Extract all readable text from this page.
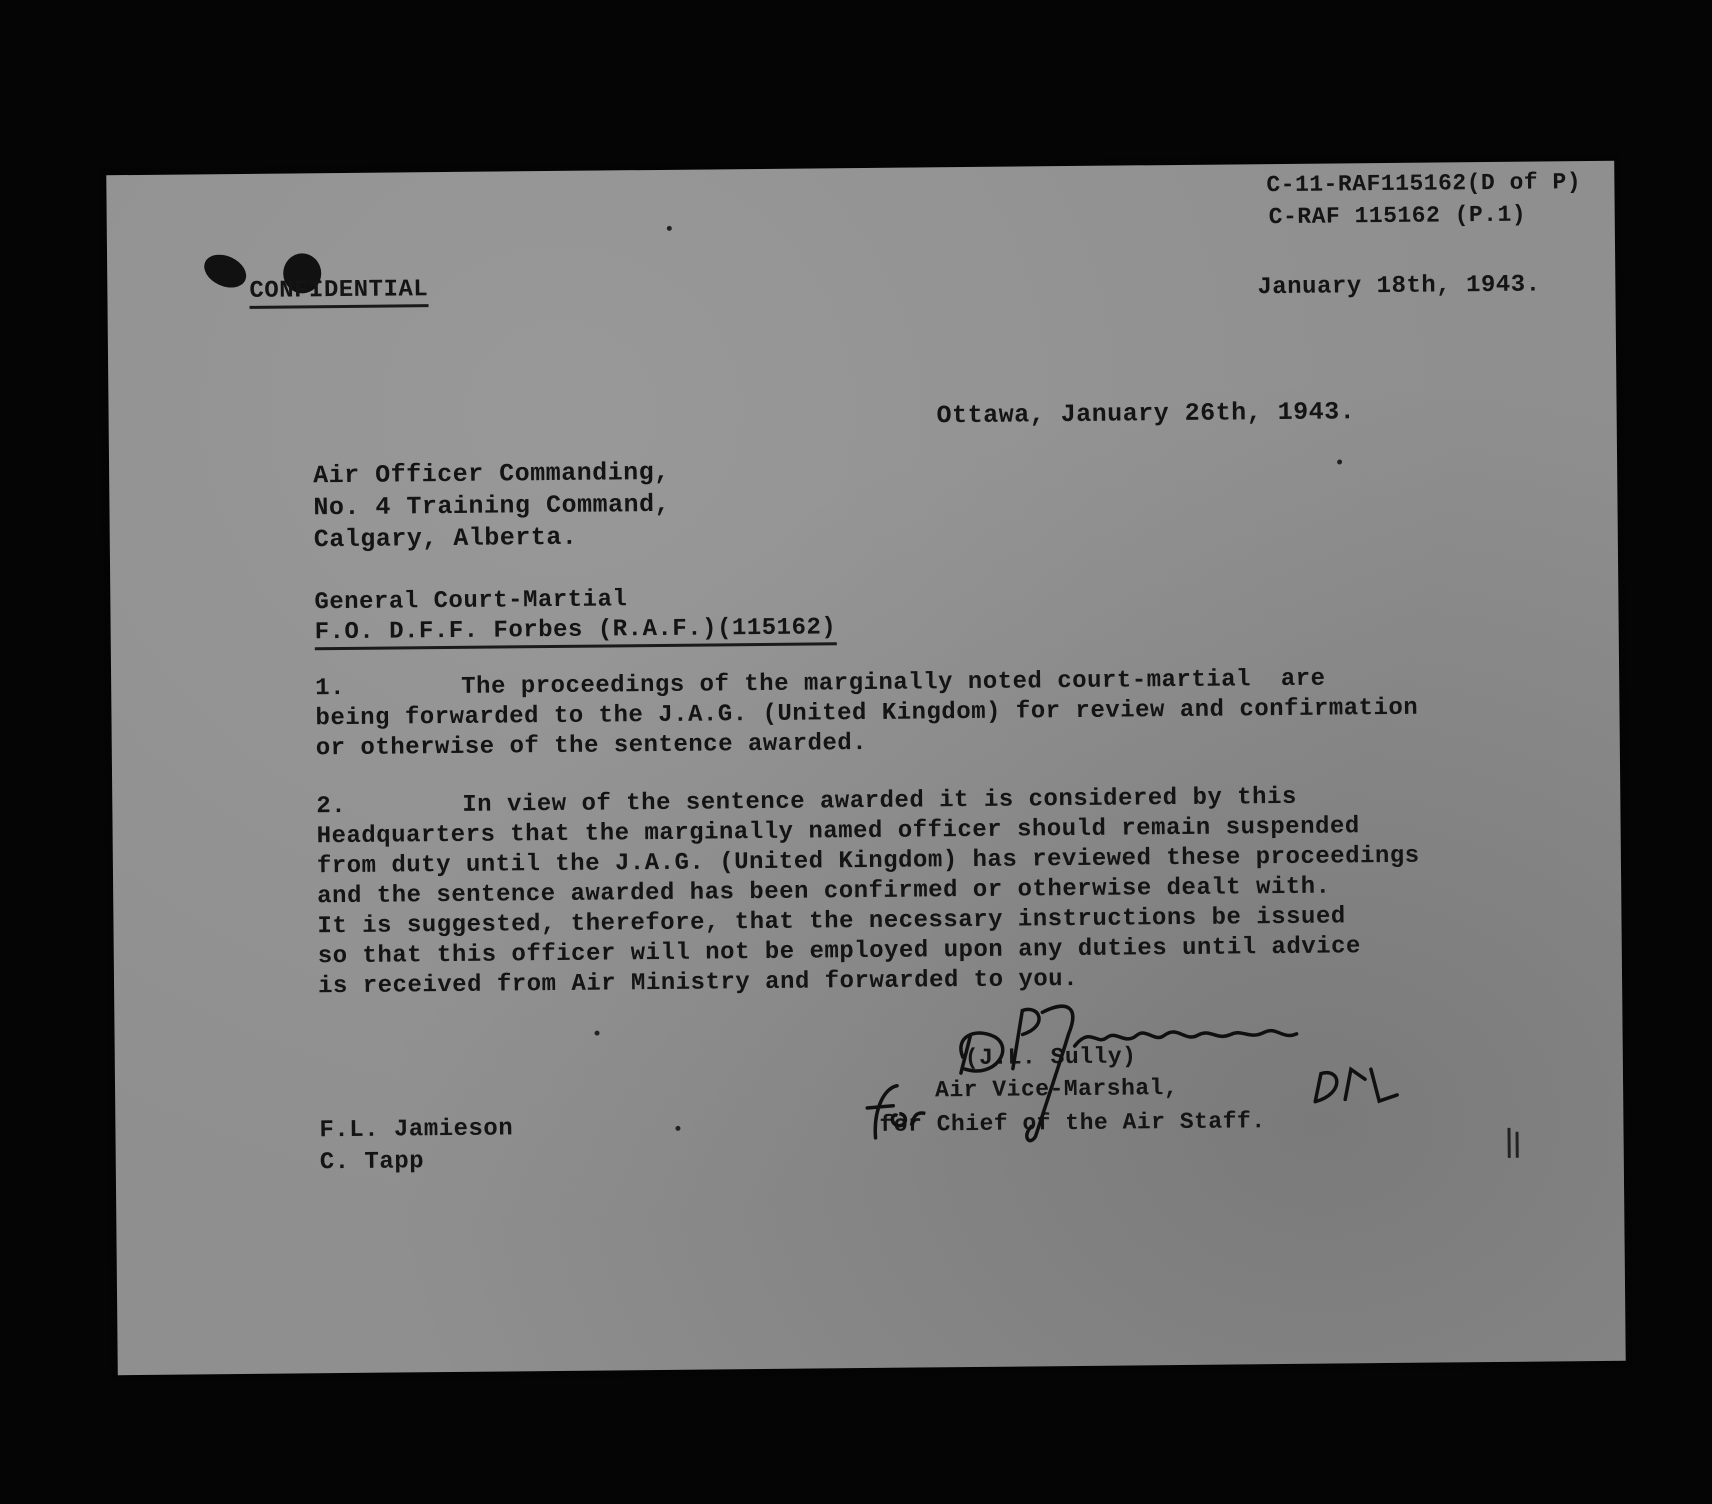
C-11-RAF115162(D of P)
C-RAF 115162 (P.1)
CONFIDENTIAL	January 18th, 1943.
Ottawa, January 26th, 1943.
Air Officer Commanding,
No. 4 Training Command,
Calgary, Alberta.
General Court-Martial
F.O. D.F.F. Forbes (R.A.F.)(115162)
1.	The proceedings of the marginally noted court-martial  are
being forwarded to the J.A.G. (United Kingdom) for review and confirmation
or otherwise of the sentence awarded.
2.	In view of the sentence awarded it is considered by this
Headquarters that the marginally named officer should remain suspended
from duty until the J.A.G. (United Kingdom) has reviewed these proceedings
and the sentence awarded has been confirmed or otherwise dealt with.
It is suggested, therefore, that the necessary instructions be issued
so that this officer will not be employed upon any duties until advice
is received from Air Ministry and forwarded to you.
(J.L. Sully)
Air Vice-Marshal,
for Chief of the Air Staff.
F.L. Jamieson
C. Tapp
